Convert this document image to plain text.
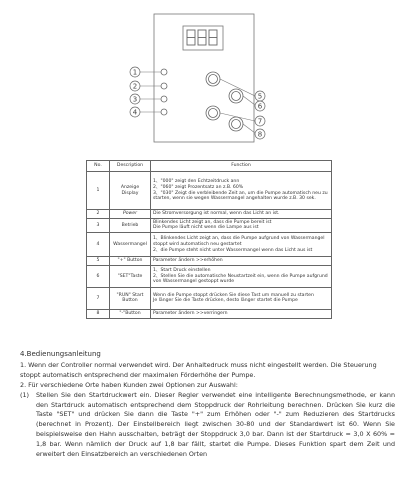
1
2
3
4
5
6
7
8
No.	Description	Function
1	Anzeige Display	1、"000" zeigt den Echtzeitdruck ann
2、"060" zeigt Prozentsatz an z.B. 60%
3、"030" Zeigt die verbleibende Zeit an, um die Pumpe automatisch neu zu starten, wenn sie wegen Wassermangel angehalten wurde z.B. 30 sek.

2	Power	Die Stromversorgung ist normal, wenn das Licht an ist.

3	Betrieb	Blinkendes Licht zeigt an, dass die Pumpe bereit ist
Die Pumpe läuft nicht wenn die Lampe aus ist

4	Wassermangel	1、Blinkendes Licht zeigt an, dass die Pumpe aufgrund von Wassermangel stoppt wird automatisch neu gestartet
2、die Pumpe steht nicht unter Wassermangel wenn das Licht aus ist

5	"+" Button	Parameter ändern >>erhöhen

6	"SET"Taste	1、Start Druck einstellen
2、Stellen Sie die automatische Neustartzeit ein, wenn die Pumpe aufgrund von Wassermangel gestoppt wurde

7	"RUN" Start Button	Wenn die Pumpe stoppt drücken Sie diese Tast um manuell zu starten
Je länger Sie die Taste drücken, desto länger startet die Pumpe

8	"-"Button	Parameter ändern >>verringern

4.Bedienungsanleitung

1. Wenn der Controller normal verwendet wird. Der Anhaltedruck muss nicht eingestellt werden. Die Steuerung stoppt automatisch entsprechend der maximalen Förderhöhe der Pumpe.

2. Für verschiedene Orte haben Kunden zwei Optionen zur Auswahl:

(1)	Stellen Sie den Startdruckwert ein. Dieser Regler verwendet eine intelligente Berechnungsmethode, er kann den Startdruck automatisch entsprechend dem Stoppdruck der Rohrleitung berechnen. Drücken Sie kurz die Taste "SET" und drücken Sie dann die Taste "+" zum Erhöhen oder "-" zum Reduzieren des Startdrucks (berechnet in Prozent). Der Einstellbereich liegt zwischen 30-80 und der Standardwert ist 60. Wenn Sie beispielsweise den Hahn ausschalten, beträgt der Stoppdruck 3,0 bar. Dann ist der Startdruck = 3,0 X 60% = 1,8 bar. Wenn nämlich der Druck auf 1,8 bar fällt, startet die Pumpe. Dieses Funktion spart dem Zeit und erweitert den Einsatzbereich an verschiedenen Orten
